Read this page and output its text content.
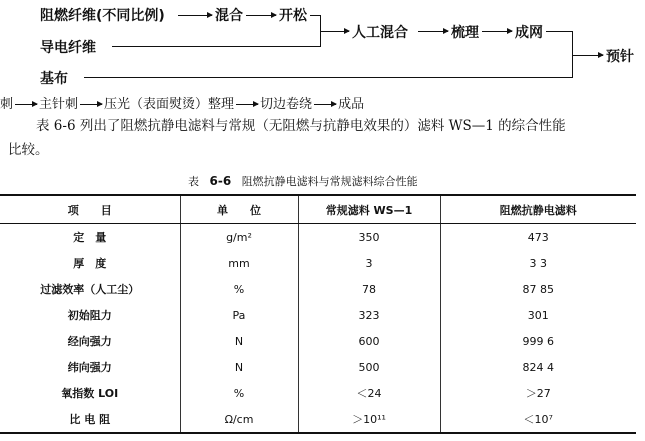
阻燃纤维(不同比例)	混合	开松
导电纤维
人工混合	梳理	成网
基布
预针
刺 主针刺 压光（表面熨烫）整理 切边卷绕 成品
表 6-6 列出了阻燃抗静电滤料与常规（无阻燃与抗静电效果的）滤料 WS—1 的综合性能
比较。
表 6-6 阻燃抗静电滤料与常规滤料综合性能
项　　目	单　　位	常规滤料 WS—1	阻燃抗静电滤料
定　量	g/m²	350	473
厚　度	mm	3	3 3
过滤效率（人工尘）	%	78	87 85
初始阻力	Pa	323	301
经向强力	N	600	999 6
纬向强力	N	500	824 4
氧指数 LOI	%	＜24	＞27
比 电 阻	Ω/cm	＞10¹¹	＜10⁷
